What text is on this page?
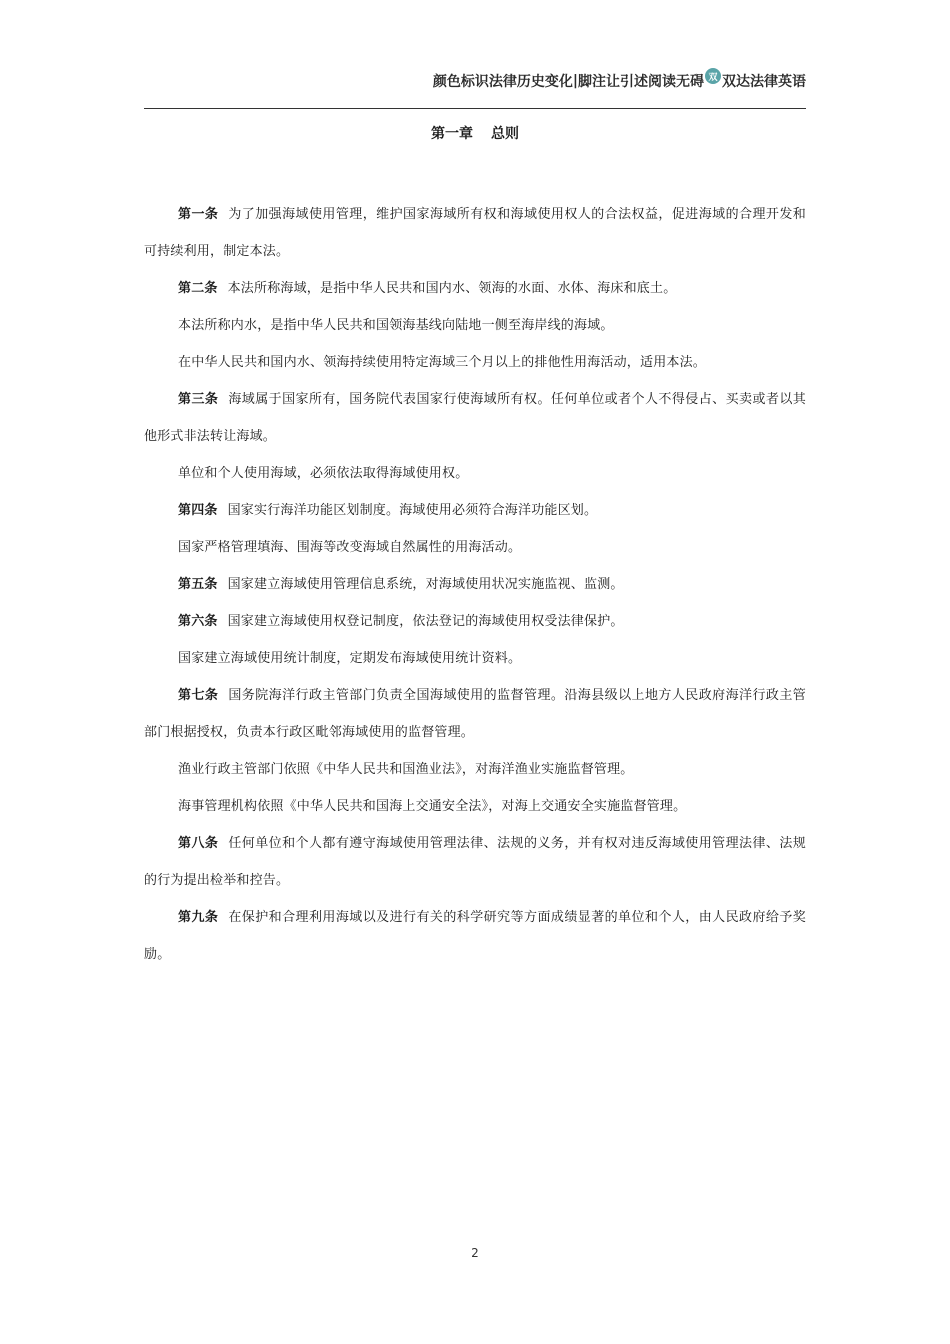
颜色标识法律历史变化 | 脚注让引述阅读无碍 双 双达法律英语
第一章 总则

第一条 为了加强海域使用管理，维护国家海域所有权和海域使用权人的合法权益，促进海域的合理开发和可持续利用，制定本法。

第二条 本法所称海域，是指中华人民共和国内水、领海的水面、水体、海床和底土。

本法所称内水，是指中华人民共和国领海基线向陆地一侧至海岸线的海域。

在中华人民共和国内水、领海持续使用特定海域三个月以上的排他性用海活动，适用本法。

第三条 海域属于国家所有，国务院代表国家行使海域所有权。任何单位或者个人不得侵占、买卖或者以其他形式非法转让海域。

单位和个人使用海域，必须依法取得海域使用权。

第四条 国家实行海洋功能区划制度。海域使用必须符合海洋功能区划。

国家严格管理填海、围海等改变海域自然属性的用海活动。

第五条 国家建立海域使用管理信息系统，对海域使用状况实施监视、监测。

第六条 国家建立海域使用权登记制度，依法登记的海域使用权受法律保护。

国家建立海域使用统计制度，定期发布海域使用统计资料。

第七条 国务院海洋行政主管部门负责全国海域使用的监督管理。沿海县级以上地方人民政府海洋行政主管部门根据授权，负责本行政区毗邻海域使用的监督管理。

渔业行政主管部门依照《中华人民共和国渔业法》，对海洋渔业实施监督管理。

海事管理机构依照《中华人民共和国海上交通安全法》，对海上交通安全实施监督管理。

第八条 任何单位和个人都有遵守海域使用管理法律、法规的义务，并有权对违反海域使用管理法律、法规的行为提出检举和控告。

第九条 在保护和合理利用海域以及进行有关的科学研究等方面成绩显著的单位和个人，由人民政府给予奖励。

2
